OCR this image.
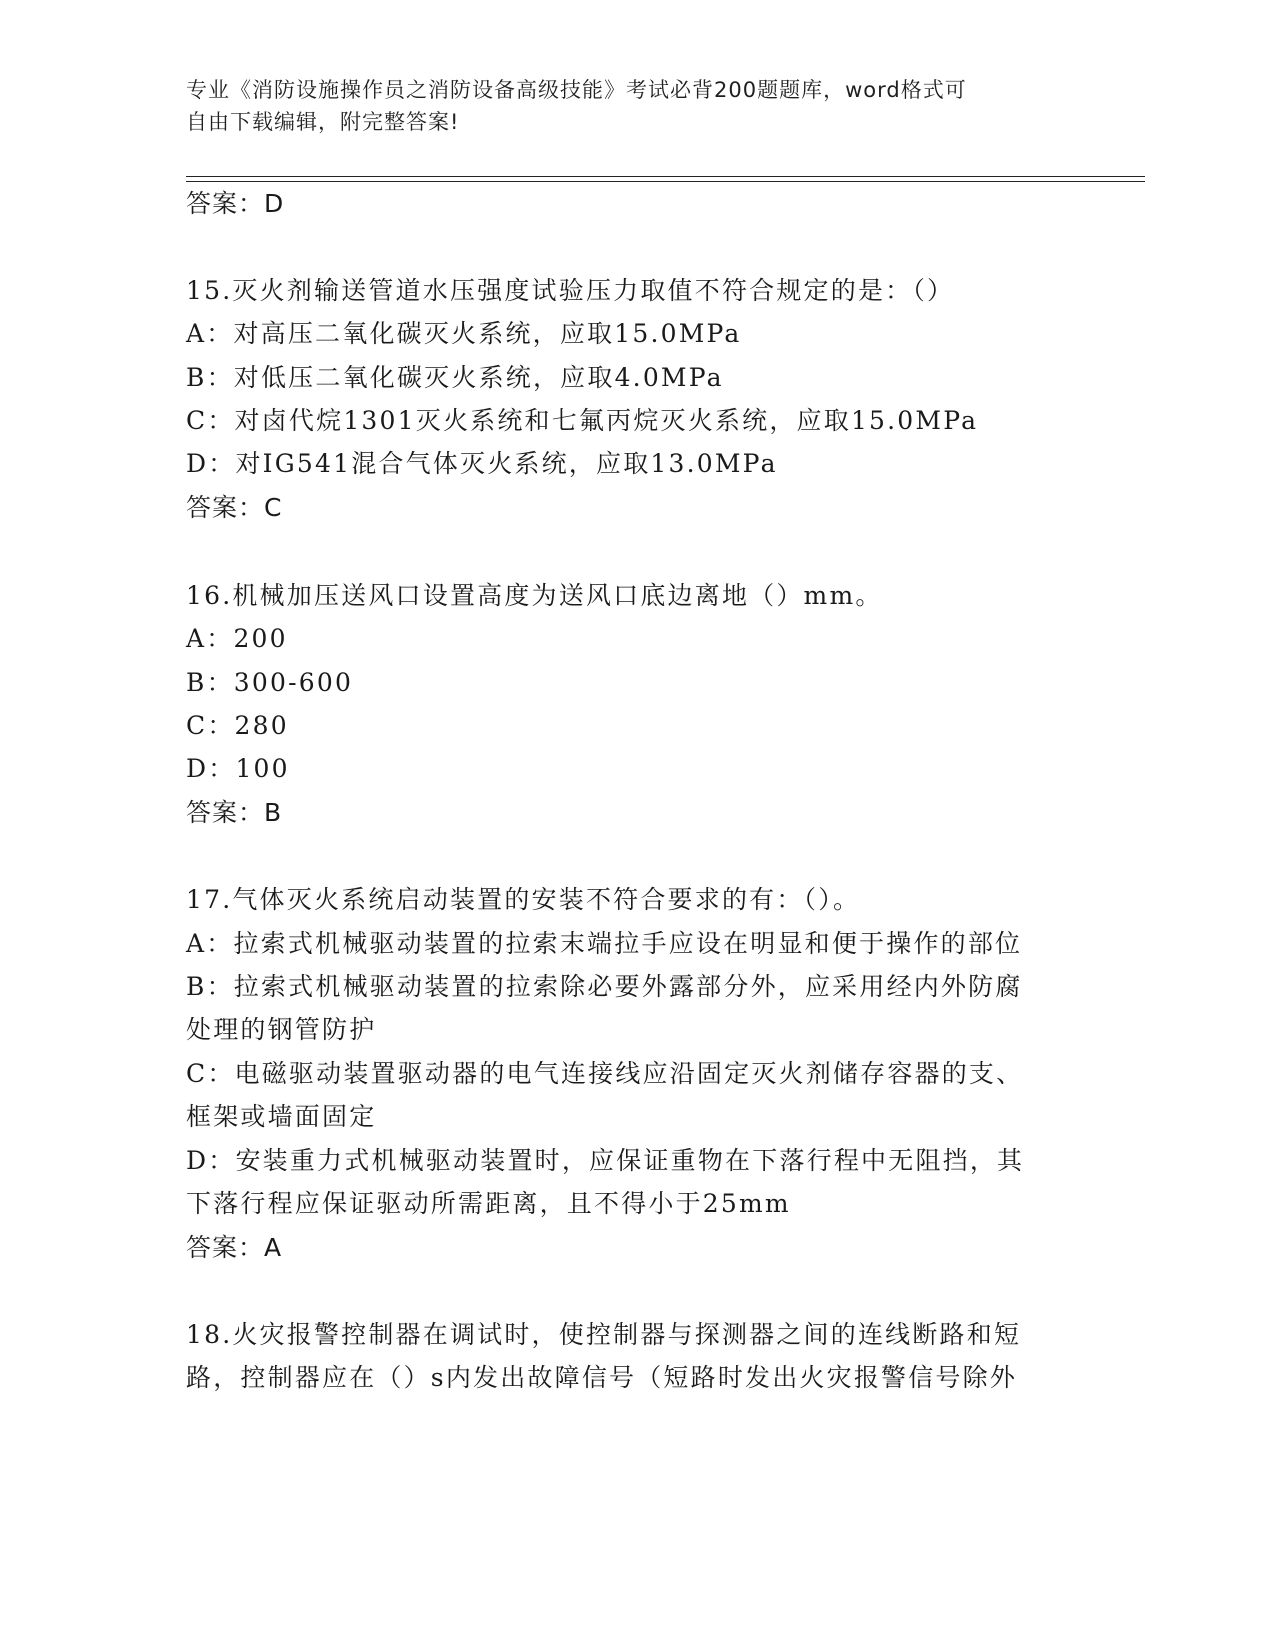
专业《消防设施操作员之消防设备高级技能》考试必背200题题库，word格式可
自由下载编辑，附完整答案!
答案：D
15.灭火剂输送管道水压强度试验压力取值不符合规定的是：（）
A：对高压二氧化碳灭火系统，应取15.0MPa
B：对低压二氧化碳灭火系统，应取4.0MPa
C：对卤代烷1301灭火系统和七氟丙烷灭火系统，应取15.0MPa
D：对IG541混合气体灭火系统，应取13.0MPa
答案：C
16.机械加压送风口设置高度为送风口底边离地（）mm。
A：200
B：300-600
C：280
D：100
答案：B
17.气体灭火系统启动装置的安装不符合要求的有：（）。
A：拉索式机械驱动装置的拉索末端拉手应设在明显和便于操作的部位
B：拉索式机械驱动装置的拉索除必要外露部分外，应采用经内外防腐
处理的钢管防护
C：电磁驱动装置驱动器的电气连接线应沿固定灭火剂储存容器的支、
框架或墙面固定
D：安装重力式机械驱动装置时，应保证重物在下落行程中无阻挡，其
下落行程应保证驱动所需距离，且不得小于25mm
答案：A
18.火灾报警控制器在调试时，使控制器与探测器之间的连线断路和短
路，控制器应在（）s内发出故障信号（短路时发出火灾报警信号除外
